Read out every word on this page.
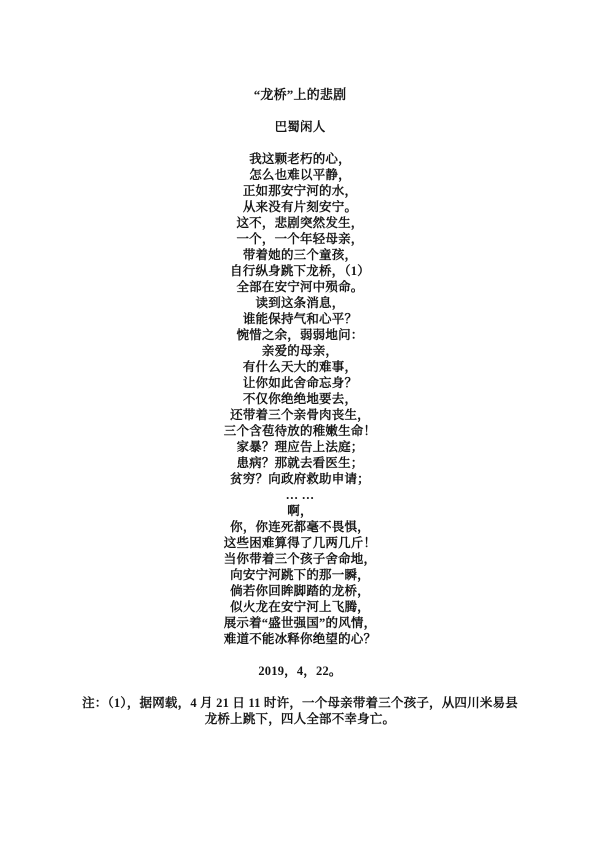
“龙桥”上的悲剧
巴蜀闲人
我这颗老朽的心，
怎么也难以平静，
正如那安宁河的水，
从来没有片刻安宁。
这不，悲剧突然发生，
一个，一个年轻母亲，
带着她的三个童孩，
自行纵身跳下龙桥，（1）
全部在安宁河中殒命。
读到这条消息，
谁能保持气和心平？
惋惜之余，弱弱地问：
亲爱的母亲，
有什么天大的难事，
让你如此舍命忘身？
不仅你绝绝地要去，
还带着三个亲骨肉丧生，
三个含苞待放的稚嫩生命！
家暴？理应告上法庭；
患病？那就去看医生；
贫穷？向政府救助申请；
… …
啊，
你，你连死都毫不畏惧，
这些困难算得了几两几斤！
当你带着三个孩子舍命地，
向安宁河跳下的那一瞬，
倘若你回眸脚踏的龙桥，
似火龙在安宁河上飞腾，
展示着“盛世强国”的风情，
难道不能冰释你绝望的心？
2019，4，22。
注：（1），据网载，4 月 21 日 11 时许，一个母亲带着三个孩子，从四川米易县
龙桥上跳下，四人全部不幸身亡。
